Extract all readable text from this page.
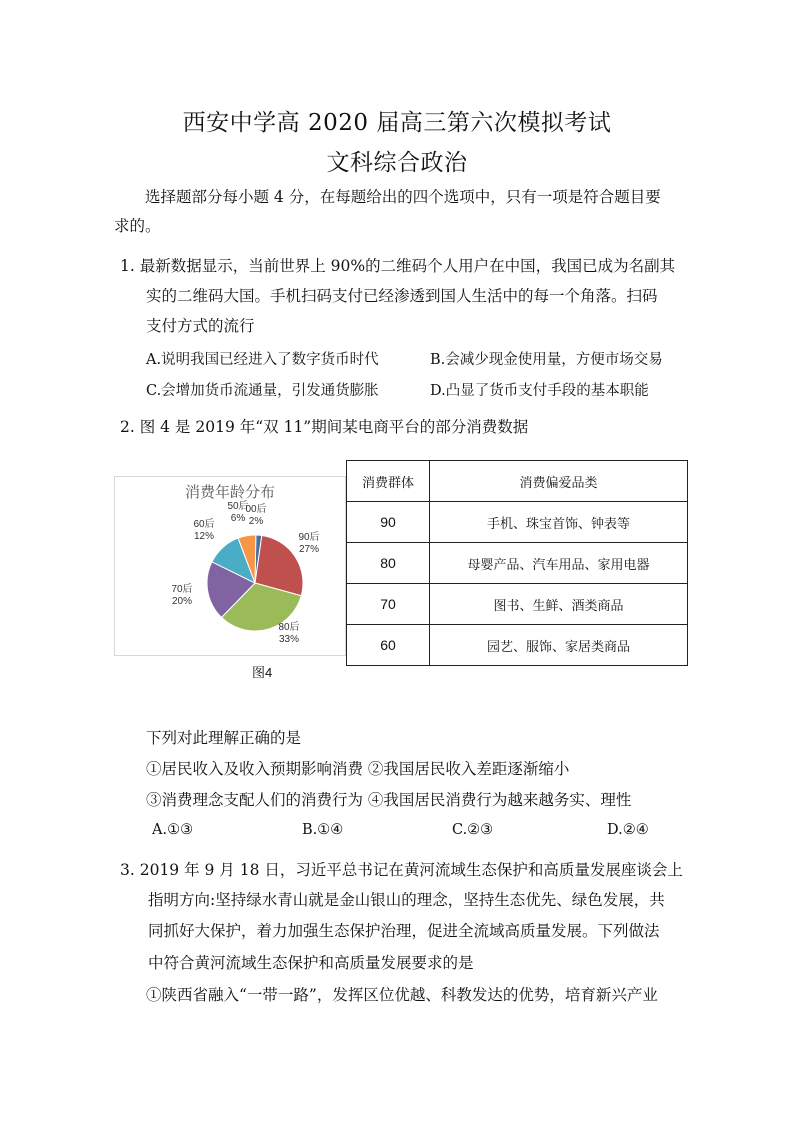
西安中学高 2020 届高三第六次模拟考试
文科综合政治
选择题部分每小题 4 分，在每题给出的四个选项中，只有一项是符合题目要
求的。
1. 最新数据显示，当前世界上 90%的二维码个人用户在中国，我国已成为名副其
实的二维码大国。手机扫码支付已经渗透到国人生活中的每一个角落。扫码
支付方式的流行
A.说明我国已经进入了数字货币时代	B.会减少现金使用量，方便市场交易
C.会增加货币流通量，引发通货膨胀	D.凸显了货币支付手段的基本职能
2. 图 4 是 2019 年“双 11”期间某电商平台的部分消费数据
消费年龄分布
00后
2%
90后
27%
80后
33%
70后
20%
60后
12%
50后
6%
图4
消费群体	消费偏爱品类
90	手机、珠宝首饰、钟表等
80	母婴产品、汽车用品、家用电器
70	图书、生鲜、酒类商品
60	园艺、服饰、家居类商品
下列对此理解正确的是
①居民收入及收入预期影响消费 ②我国居民收入差距逐渐缩小
③消费理念支配人们的消费行为 ④我国居民消费行为越来越务实、理性
A.①③	B.①④	C.②③	D.②④
3. 2019 年 9 月 18 日，习近平总书记在黄河流域生态保护和高质量发展座谈会上
指明方向:坚持绿水青山就是金山银山的理念，坚持生态优先、绿色发展，共
同抓好大保护，着力加强生态保护治理，促进全流域高质量发展。下列做法
中符合黄河流域生态保护和高质量发展要求的是
①陕西省融入“一带一路”，发挥区位优越、科教发达的优势，培育新兴产业
